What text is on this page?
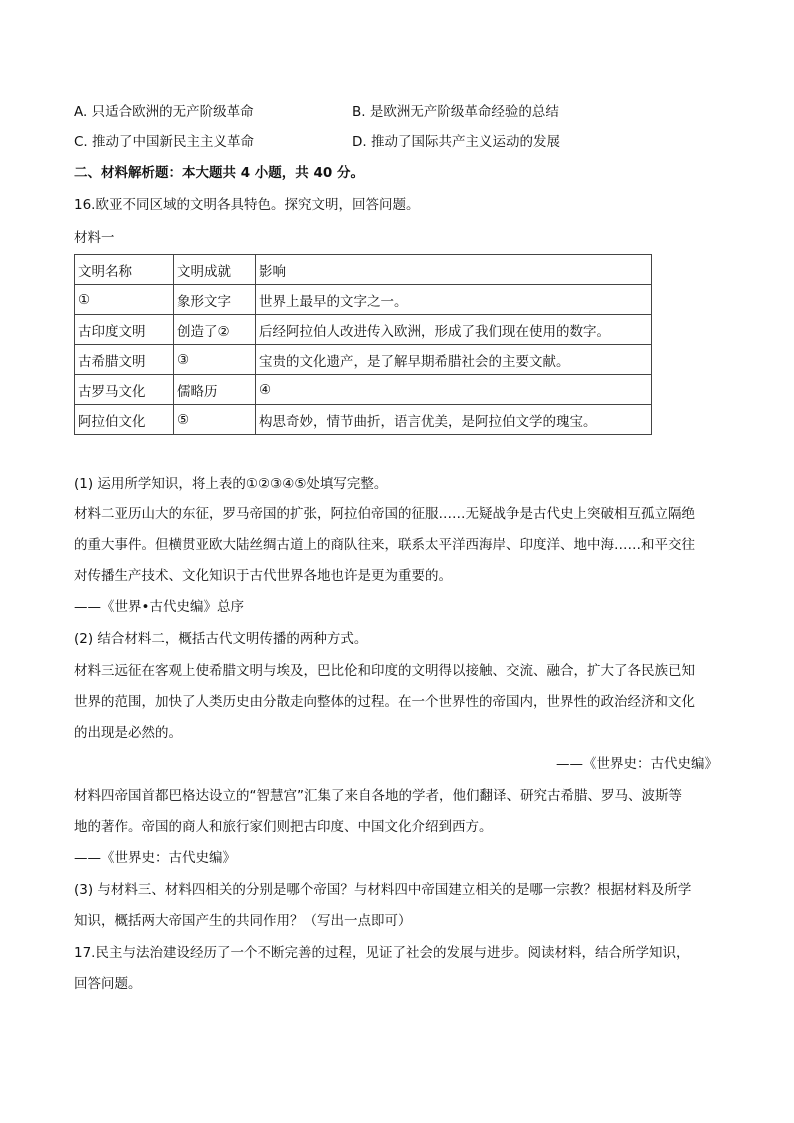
A. 只适合欧洲的无产阶级革命	B. 是欧洲无产阶级革命经验的总结
C. 推动了中国新民主主义革命	D. 推动了国际共产主义运动的发展
二、材料解析题：本大题共 4 小题，共 40 分。
16.欧亚不同区域的文明各具特色。探究文明，回答问题。
材料一
文明名称	文明成就	影响
①	象形文字	世界上最早的文字之一。
古印度文明	创造了②	后经阿拉伯人改进传入欧洲，形成了我们现在使用的数字。
古希腊文明	③	宝贵的文化遗产，是了解早期希腊社会的主要文献。
古罗马文化	儒略历	④
阿拉伯文化	⑤	构思奇妙，情节曲折，语言优美，是阿拉伯文学的瑰宝。
(1) 运用所学知识，将上表的①②③④⑤处填写完整。
材料二亚历山大的东征，罗马帝国的扩张，阿拉伯帝国的征服……无疑战争是古代史上突破相互孤立隔绝
的重大事件。但横贯亚欧大陆丝绸古道上的商队往来，联系太平洋西海岸、印度洋、地中海……和平交往
对传播生产技术、文化知识于古代世界各地也许是更为重要的。
——《世界•古代史编》总序
(2) 结合材料二，概括古代文明传播的两种方式。
材料三远征在客观上使希腊文明与埃及，巴比伦和印度的文明得以接触、交流、融合，扩大了各民族已知
世界的范围，加快了人类历史由分散走向整体的过程。在一个世界性的帝国内，世界性的政治经济和文化
的出现是必然的。
——《世界史：古代史编》
材料四帝国首都巴格达设立的“智慧宫”汇集了来自各地的学者，他们翻译、研究古希腊、罗马、波斯等
地的著作。帝国的商人和旅行家们则把古印度、中国文化介绍到西方。
——《世界史：古代史编》
(3) 与材料三、材料四相关的分别是哪个帝国？与材料四中帝国建立相关的是哪一宗教？根据材料及所学
知识，概括两大帝国产生的共同作用？（写出一点即可）
17.民主与法治建设经历了一个不断完善的过程，见证了社会的发展与进步。阅读材料，结合所学知识，
回答问题。
